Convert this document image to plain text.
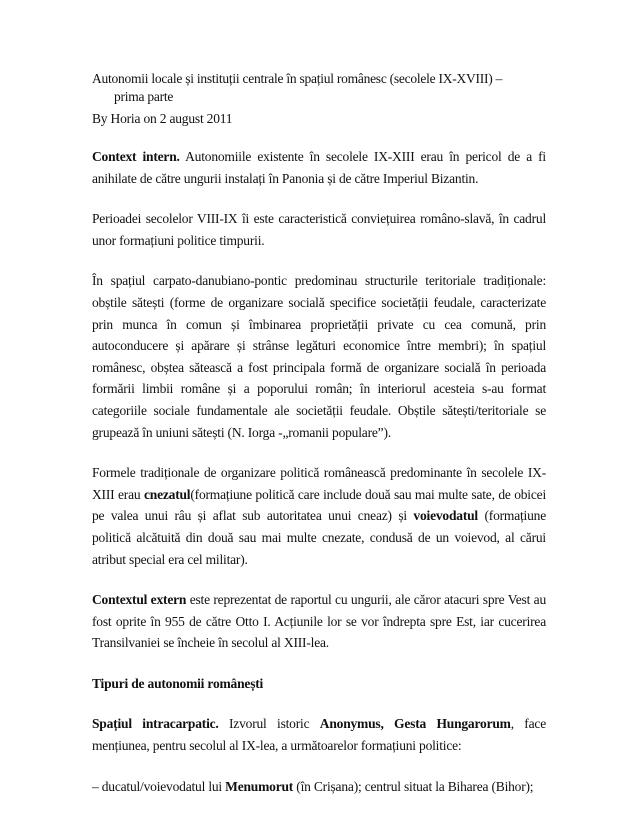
Autonomii locale și instituții centrale în spațiul românesc (secolele IX-XVIII) –
prima parte

By Horia on 2 august 2011

Context intern. Autonomiile existente în secolele IX-XIII erau în pericol de a fi anihilate de către ungurii instalați în Panonia și de către Imperiul Bizantin.

Perioadei secolelor VIII-IX îi este caracteristică conviețuirea româno-slavă, în cadrul unor formațiuni politice timpurii.

În spațiul carpato-danubiano-pontic predominau structurile teritoriale tradiționale: obștile sătești (forme de organizare socială specifice societății feudale, caracterizate prin munca în comun și îmbinarea proprietății private cu cea comună, prin autoconducere și apărare și strânse legături economice între membri); în spațiul românesc, obștea sătească a fost principala formă de organizare socială în perioada formării limbii române și a poporului român; în interiorul acesteia s-au format categoriile sociale fundamentale ale societății feudale. Obștile sătești/teritoriale se grupează în uniuni sătești (N. Iorga -„romanii populare”).

Formele tradiționale de organizare politică românească predominante în secolele IX-XIII erau cnezatul(formațiune politică care include două sau mai multe sate, de obicei pe valea unui râu și aflat sub autoritatea unui cneaz) și voievodatul (formațiune politică alcătuită din două sau mai multe cnezate, condusă de un voievod, al cărui atribut special era cel militar).

Contextul extern este reprezentat de raportul cu ungurii, ale căror atacuri spre Vest au fost oprite în 955 de către Otto I. Acțiunile lor se vor îndrepta spre Est, iar cucerirea Transilvaniei se încheie în secolul al XIII-lea.

Tipuri de autonomii românești

Spațiul intracarpatic. Izvorul istoric Anonymus, Gesta Hungarorum, face mențiunea, pentru secolul al IX-lea, a următoarelor formațiuni politice:

– ducatul/voievodatul lui Menumorut (în Crișana); centrul situat la Biharea (Bihor);
